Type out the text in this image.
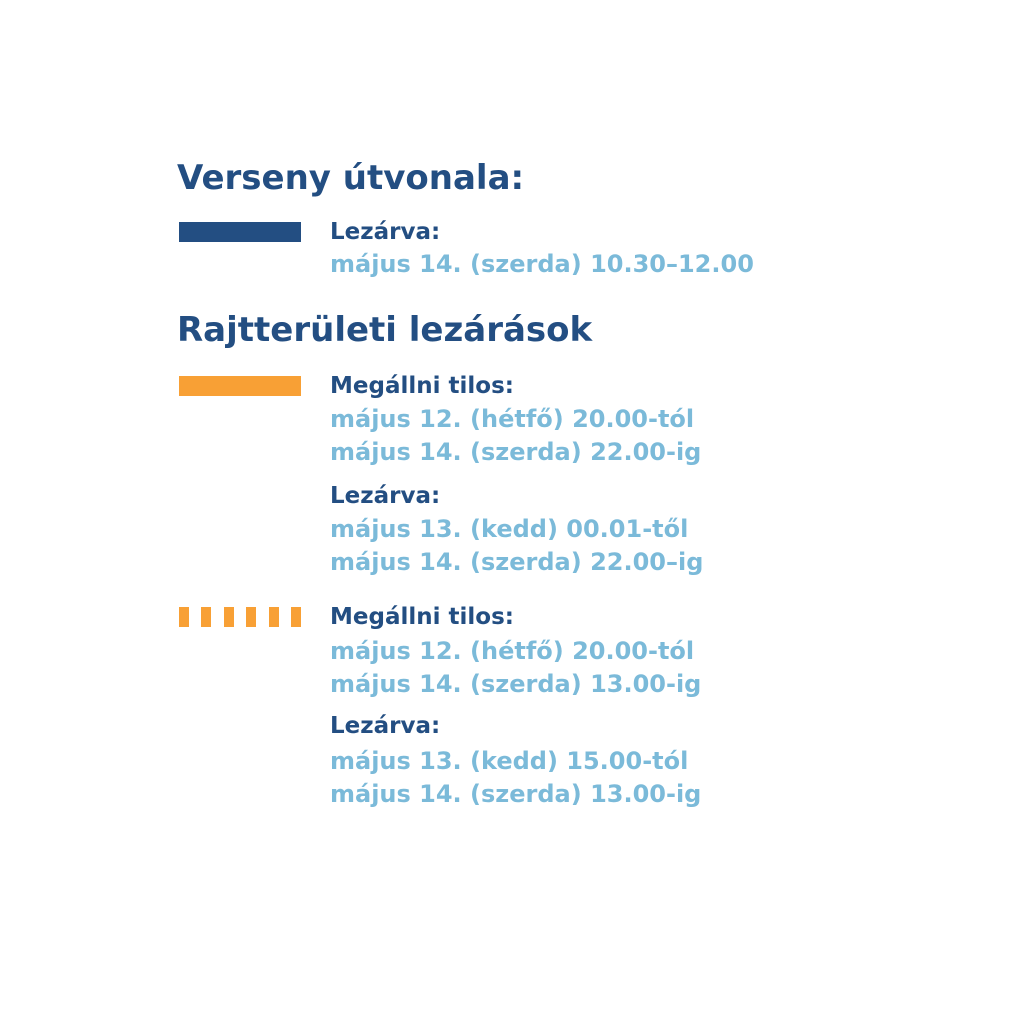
Verseny útvonala:
Lezárva:
május 14. (szerda) 10.30–12.00
Rajtterületi lezárások
Megállni tilos:
május 12. (hétfő) 20.00-tól
május 14. (szerda) 22.00-ig
Lezárva:
május 13. (kedd) 00.01-től
május 14. (szerda) 22.00–ig
Megállni tilos:
május 12. (hétfő) 20.00-tól
május 14. (szerda) 13.00-ig
Lezárva:
május 13. (kedd) 15.00-tól
május 14. (szerda) 13.00-ig
